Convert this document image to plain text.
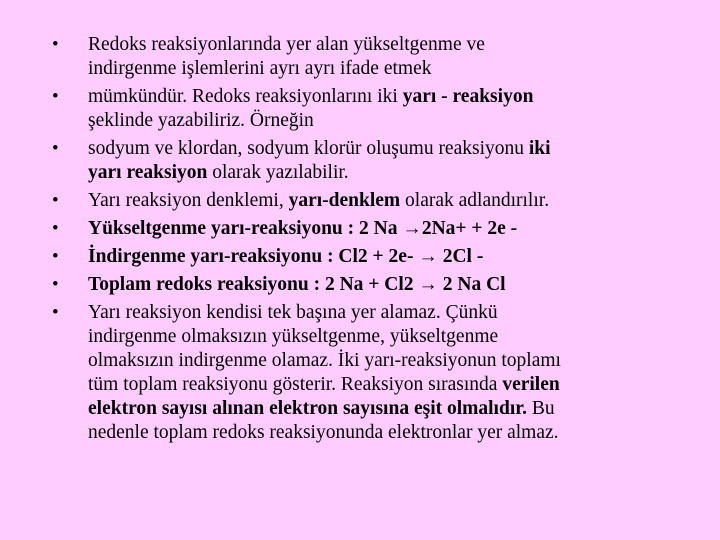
•	Redoks reaksiyonlarında yer alan yükseltgenme ve
indirgenme işlemlerini ayrı ayrı ifade etmek
•	mümkündür. Redoks reaksiyonlarını iki yarı - reaksiyon
şeklinde yazabiliriz. Örneğin
•	sodyum ve klordan, sodyum klorür oluşumu reaksiyonu iki
yarı reaksiyon olarak yazılabilir.
•	Yarı reaksiyon denklemi, yarı-denklem olarak adlandırılır.
•	Yükseltgenme yarı-reaksiyonu : 2 Na →2Na+ + 2e -
•	İndirgenme yarı-reaksiyonu : Cl2 + 2e- → 2Cl -
•	Toplam redoks reaksiyonu : 2 Na + Cl2 → 2 Na Cl
•	Yarı reaksiyon kendisi tek başına yer alamaz. Çünkü
indirgenme olmaksızın yükseltgenme, yükseltgenme
olmaksızın indirgenme olamaz. İki yarı-reaksiyonun toplamı
tüm toplam reaksiyonu gösterir. Reaksiyon sırasında verilen
elektron sayısı alınan elektron sayısına eşit olmalıdır. Bu
nedenle toplam redoks reaksiyonunda elektronlar yer almaz.
